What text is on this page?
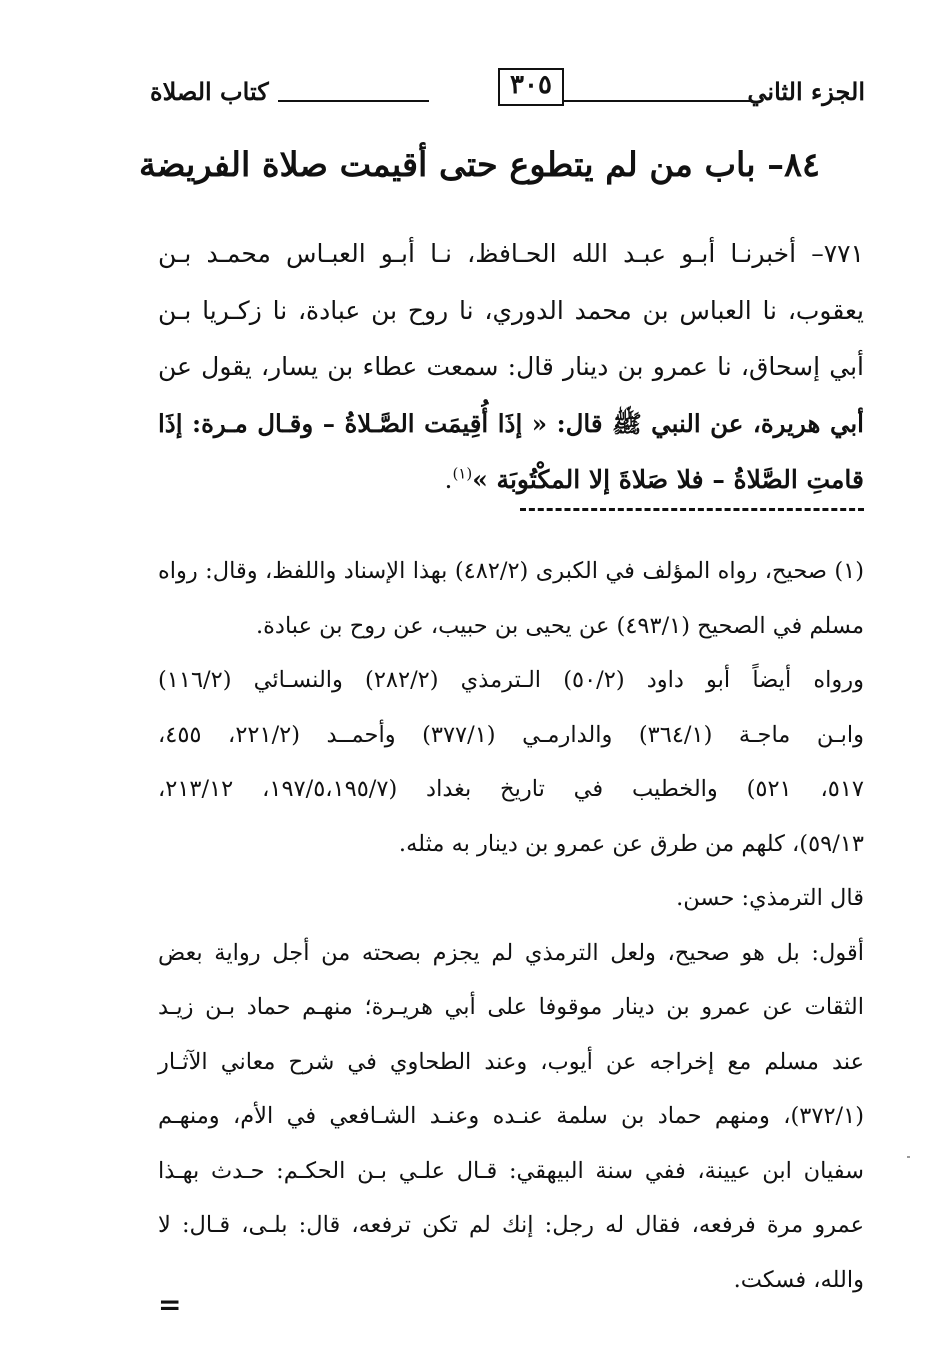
الجزء الثاني
٣٠٥
كتاب الصلاة
٨٤– باب من لم يتطوع حتى أقيمت صلاة الفريضة
٧٧١– أخبرنـا أبـو عبـد الله الحـافظ، نـا أبـو العبـاس محمـد بـن
يعقوب، نا العباس بن محمد الدوري، نا روح بن عبادة، نا زكـريا بـن
أبي إسحاق، نا عمرو بن دينار قال: سمعت عطاء بن يسار، يقول عن
أبي هريرة، عن النبي ﷺ قال: « إذَا أُقِيمَت الصَّـلاةُ – وقـال مـرة: إذَا
قامتِ الصَّلاةُ – فلا صَلاةَ إلا المكْتُوبَة »$^{(١)}$.
(١) صحيح، رواه المؤلف في الكبرى (٤٨٢/٢) بهذا الإسناد واللفظ، وقال: رواه
مسلم في الصحيح (٤٩٣/١) عن يحيى بن حبيب، عن روح بن عبادة.
ورواه أيضاً أبو داود (٥٠/٢) الـترمذي (٢٨٢/٢) والنسـائي (١١٦/٢)
وابـن ماجـة (٣٦٤/١) والدارمـي (٣٧٧/١) وأحمــد (٢٢١/٢، ٤٥٥،
٥١٧، ٥٢١) والخطيب في تاريخ بغداد (١٩٧/٥،١٩٥/٧، ٢١٣/١٢،
٥٩/١٣)، كلهم من طرق عن عمرو بن دينار به مثله.
قال الترمذي: حسن.
أقول: بل هو صحيح، ولعل الترمذي لم يجزم بصحته من أجل رواية بعض
الثقات عن عمرو بن دينار موقوفا على أبي هريـرة؛ منهـم حماد بـن زيـد
عند مسلم مع إخراجه عن أيوب، وعند الطحاوي في شرح معاني الآثـار
(٣٧٢/١)، ومنهم حماد بن سلمة عنـده وعنـد الشـافعي في الأم، ومنهـم
سفيان ابن عيينة، ففي سنة البيهقي: قـال علـي بـن الحكـم: حـدث بهـذا
عمرو مرة فرفعه، فقال له رجل: إنك لم تكن ترفعه، قال: بلـى، قـال: لا
والله، فسكت.
=
